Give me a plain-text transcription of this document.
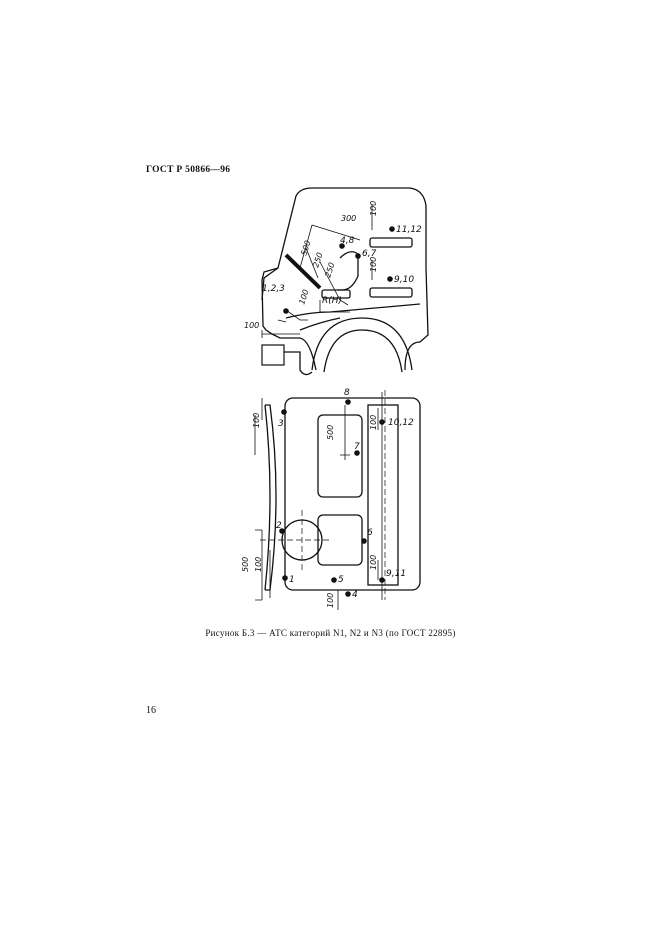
ГОСТ Р 50866—96
300
100
500
250
250	100
100
100
11,12
4,8
6,7
9,10
1,2,3
R(H)
100
500
100
500 100	100
100
8
3	10,12
7
2
6
1	5
9,11
4
Рисунок Б.3 — АТС категорий N1, N2 и N3 (по ГОСТ 22895)
16
